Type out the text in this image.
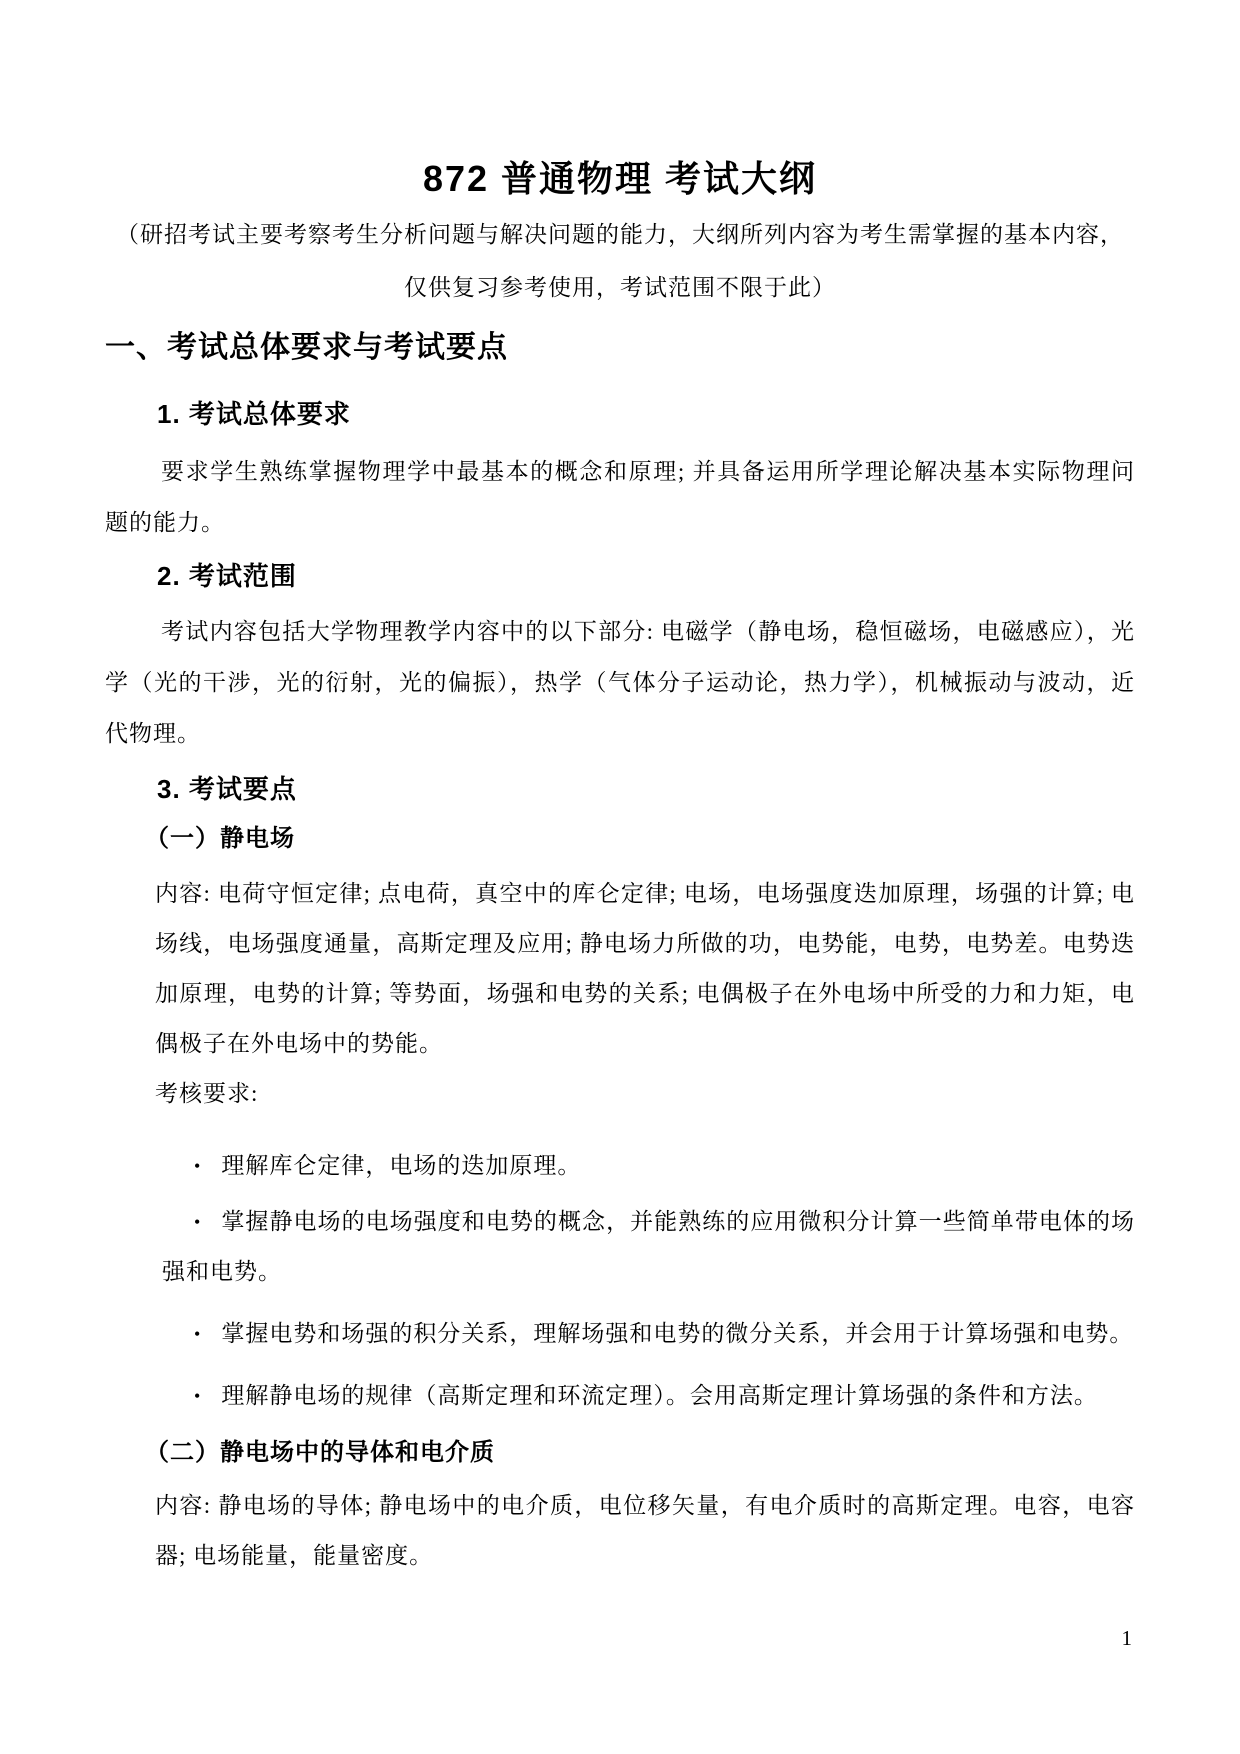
872 普通物理 考试大纲
（研招考试主要考察考生分析问题与解决问题的能力，大纲所列内容为考生需掌握的基本内容，仅供复习参考使用，考试范围不限于此）
一、考试总体要求与考试要点
1. 考试总体要求
要求学生熟练掌握物理学中最基本的概念和原理; 并具备运用所学理论解决基本实际物理问题的能力。
2. 考试范围
考试内容包括大学物理教学内容中的以下部分: 电磁学（静电场，稳恒磁场，电磁感应），光学（光的干涉，光的衍射，光的偏振），热学（气体分子运动论，热力学），机械振动与波动，近代物理。
3. 考试要点
（一）静电场
内容: 电荷守恒定律; 点电荷，真空中的库仑定律; 电场，电场强度迭加原理，场强的计算; 电场线，电场强度通量，高斯定理及应用; 静电场力所做的功，电势能，电势，电势差。电势迭加原理，电势的计算; 等势面，场强和电势的关系; 电偶极子在外电场中所受的力和力矩，电偶极子在外电场中的势能。
考核要求:
• 理解库仑定律，电场的迭加原理。
• 掌握静电场的电场强度和电势的概念，并能熟练的应用微积分计算一些简单带电体的场强和电势。
• 掌握电势和场强的积分关系，理解场强和电势的微分关系，并会用于计算场强和电势。
• 理解静电场的规律（高斯定理和环流定理）。会用高斯定理计算场强的条件和方法。
（二）静电场中的导体和电介质
内容: 静电场的导体; 静电场中的电介质，电位移矢量，有电介质时的高斯定理。电容，电容器; 电场能量，能量密度。
1
